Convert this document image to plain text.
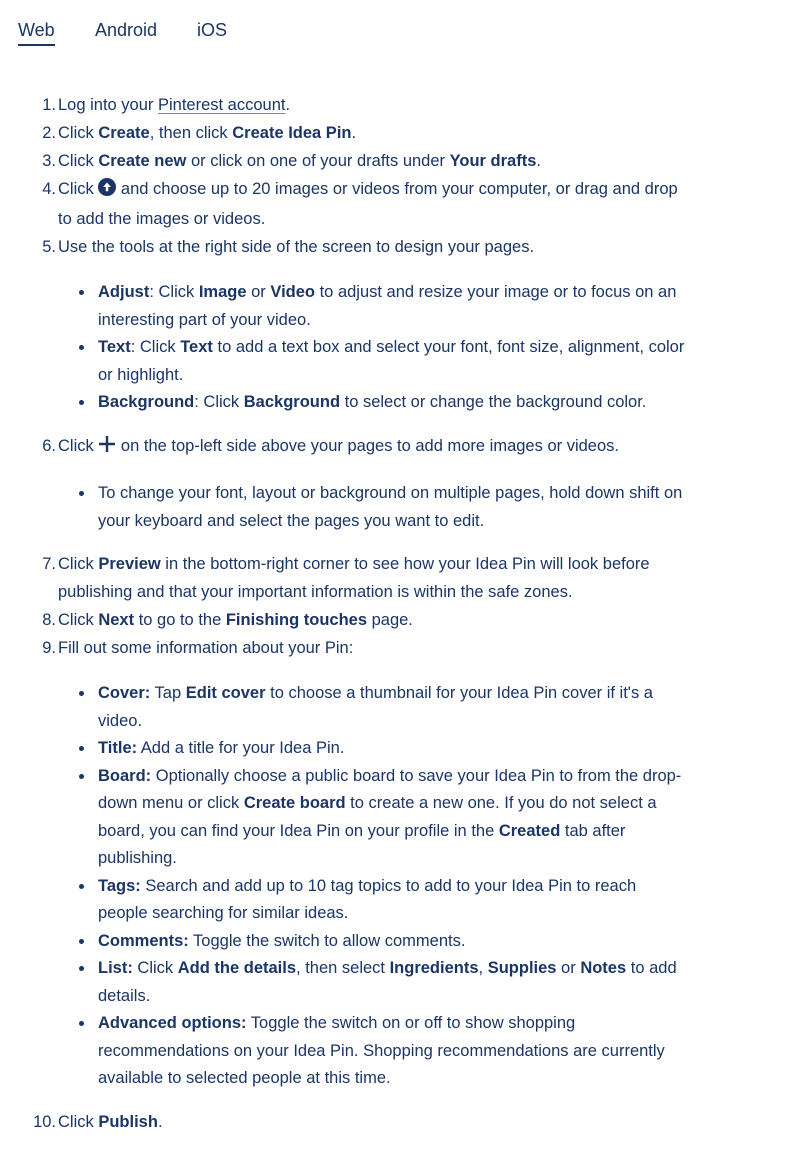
Web Android iOS
1. Log into your Pinterest account.
2. Click Create, then click Create Idea Pin.
3. Click Create new or click on one of your drafts under Your drafts.
4. Click  and choose up to 20 images or videos from your computer, or drag and drop to add the images or videos.
5. Use the tools at the right side of the screen to design your pages.
Adjust: Click Image or Video to adjust and resize your image or to focus on an interesting part of your video.
Text: Click Text to add a text box and select your font, font size, alignment, color or highlight.
Background: Click Background to select or change the background color.
6. Click  on the top-left side above your pages to add more images or videos.
To change your font, layout or background on multiple pages, hold down shift on your keyboard and select the pages you want to edit.
7. Click Preview in the bottom-right corner to see how your Idea Pin will look before publishing and that your important information is within the safe zones.
8. Click Next to go to the Finishing touches page.
9. Fill out some information about your Pin:
Cover: Tap Edit cover to choose a thumbnail for your Idea Pin cover if it's a video.
Title: Add a title for your Idea Pin.
Board: Optionally choose a public board to save your Idea Pin to from the drop-down menu or click Create board to create a new one. If you do not select a board, you can find your Idea Pin on your profile in the Created tab after publishing.
Tags: Search and add up to 10 tag topics to add to your Idea Pin to reach people searching for similar ideas.
Comments: Toggle the switch to allow comments.
List: Click Add the details, then select Ingredients, Supplies or Notes to add details.
Advanced options: Toggle the switch on or off to show shopping recommendations on your Idea Pin. Shopping recommendations are currently available to selected people at this time.
10. Click Publish.
